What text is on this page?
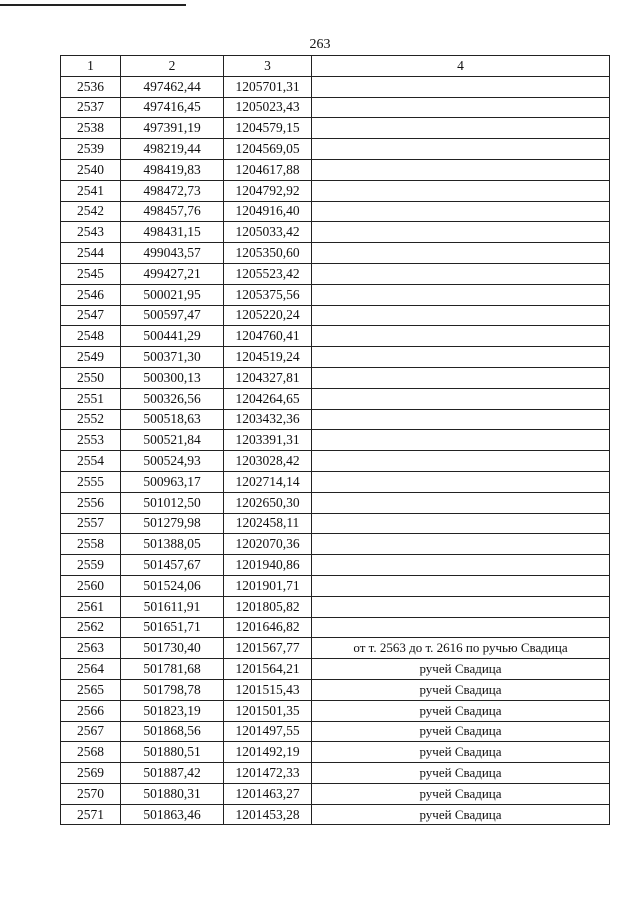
263
1	2	3	4
2536	497462,44	1205701,31	
2537	497416,45	1205023,43	
2538	497391,19	1204579,15	
2539	498219,44	1204569,05	
2540	498419,83	1204617,88	
2541	498472,73	1204792,92	
2542	498457,76	1204916,40	
2543	498431,15	1205033,42	
2544	499043,57	1205350,60	
2545	499427,21	1205523,42	
2546	500021,95	1205375,56	
2547	500597,47	1205220,24	
2548	500441,29	1204760,41	
2549	500371,30	1204519,24	
2550	500300,13	1204327,81	
2551	500326,56	1204264,65	
2552	500518,63	1203432,36	
2553	500521,84	1203391,31	
2554	500524,93	1203028,42	
2555	500963,17	1202714,14	
2556	501012,50	1202650,30	
2557	501279,98	1202458,11	
2558	501388,05	1202070,36	
2559	501457,67	1201940,86	
2560	501524,06	1201901,71	
2561	501611,91	1201805,82	
2562	501651,71	1201646,82	
2563	501730,40	1201567,77	от т. 2563 до т. 2616 по ручью Свадица
2564	501781,68	1201564,21	ручей Свадица
2565	501798,78	1201515,43	ручей Свадица
2566	501823,19	1201501,35	ручей Свадица
2567	501868,56	1201497,55	ручей Свадица
2568	501880,51	1201492,19	ручей Свадица
2569	501887,42	1201472,33	ручей Свадица
2570	501880,31	1201463,27	ручей Свадица
2571	501863,46	1201453,28	ручей Свадица
